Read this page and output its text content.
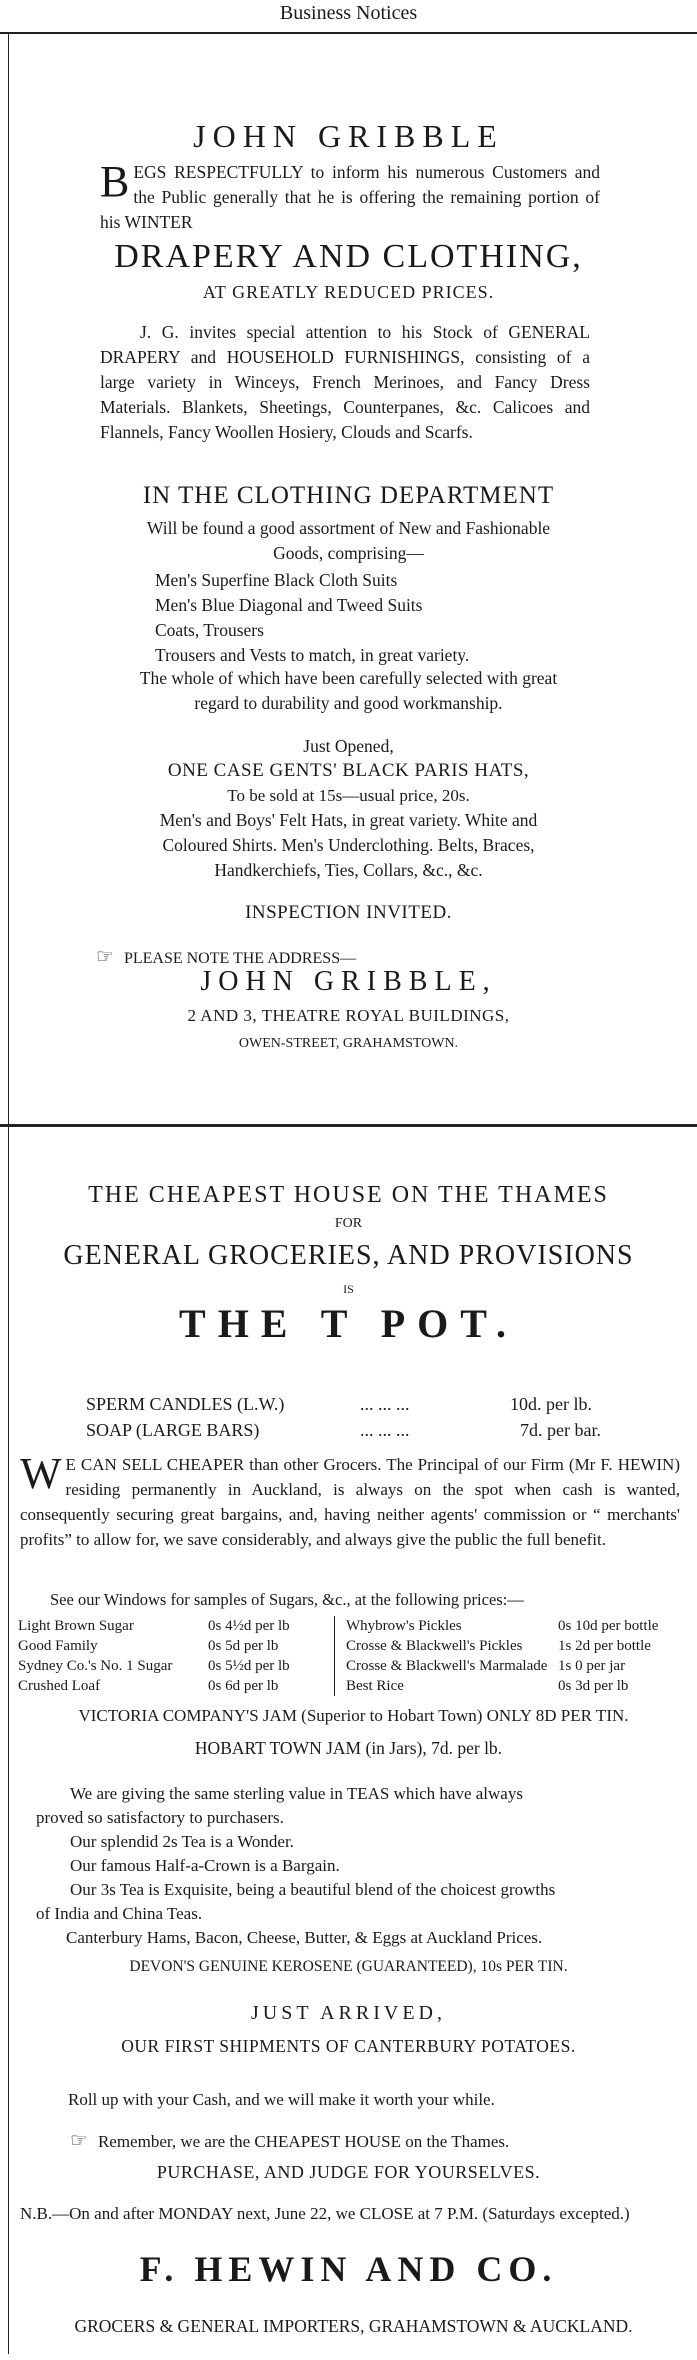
Business Notices
JOHN GRIBBLE
BEGS RESPECTFULLY to inform his numerous Customers and the Public generally that he is offering the remaining portion of his WINTER
DRAPERY AND CLOTHING,
AT GREATLY REDUCED PRICES.
J. G. invites special attention to his Stock of GENERAL DRAPERY and HOUSEHOLD FURNISHINGS, consisting of a large variety in Winceys, French Merinoes, and Fancy Dress Materials. Blankets, Sheetings, Counterpanes, &c. Calicoes and Flannels, Fancy Woollen Hosiery, Clouds and Scarfs.
IN THE CLOTHING DEPARTMENT
Will be found a good assortment of New and Fashionable
Goods, comprising—
Men's Superfine Black Cloth Suits
Men's Blue Diagonal and Tweed Suits
Coats, Trousers
Trousers and Vests to match, in great variety.
The whole of which have been carefully selected with great
regard to durability and good workmanship.
Just Opened,
ONE CASE GENTS' BLACK PARIS HATS,
To be sold at 15s—usual price, 20s.
Men's and Boys' Felt Hats, in great variety. White and
Coloured Shirts. Men's Underclothing. Belts, Braces,
Handkerchiefs, Ties, Collars, &c., &c.
INSPECTION INVITED.
☞ PLEASE NOTE THE ADDRESS—
JOHN GRIBBLE,
2 AND 3, THEATRE ROYAL BUILDINGS,
OWEN-STREET, GRAHAMSTOWN.
THE CHEAPEST HOUSE ON THE THAMES
FOR
GENERAL GROCERIES, AND PROVISIONS
IS
THE T POT.
SPERM CANDLES (L.W.)	... ... ...	10d. per lb.
SOAP (LARGE BARS)	... ... ...	7d. per bar.
W E CAN SELL CHEAPER than other Grocers. The Principal of our Firm (Mr F. HEWIN) residing permanently in Auckland, is always on the spot when cash is wanted, consequently securing great bargains, and, having neither agents' commission or “ merchants' profits” to allow for, we save considerably, and always give the public the full benefit.
See our Windows for samples of Sugars, &c., at the following prices:—
Light Brown Sugar	0s 4½d per lb
Good Family	0s 5d per lb
Sydney Co.'s No. 1 Sugar	0s 5½d per lb
Crushed Loaf	0s 6d per lb
Whybrow's Pickles	0s 10d per bottle
Crosse & Blackwell's Pickles	1s 2d per bottle
Crosse & Blackwell's Marmalade	1s 0 per jar
Best Rice	0s 3d per lb
VICTORIA COMPANY'S JAM (Superior to Hobart Town) ONLY 8D PER TIN.
HOBART TOWN JAM (in Jars), 7d. per lb.
We are giving the same sterling value in TEAS which have always
proved so satisfactory to purchasers.
Our splendid 2s Tea is a Wonder.
Our famous Half-a-Crown is a Bargain.
Our 3s Tea is Exquisite, being a beautiful blend of the choicest growths
of India and China Teas.
Canterbury Hams, Bacon, Cheese, Butter, & Eggs at Auckland Prices.
DEVON'S GENUINE KEROSENE (GUARANTEED), 10s PER TIN.
JUST ARRIVED,
OUR FIRST SHIPMENTS OF CANTERBURY POTATOES.
Roll up with your Cash, and we will make it worth your while.
☞ Remember, we are the CHEAPEST HOUSE on the Thames.
PURCHASE, AND JUDGE FOR YOURSELVES.
N.B.—On and after MONDAY next, June 22, we CLOSE at 7 P.M. (Saturdays excepted.)
F. HEWIN AND CO.
GROCERS & GENERAL IMPORTERS, GRAHAMSTOWN & AUCKLAND.
